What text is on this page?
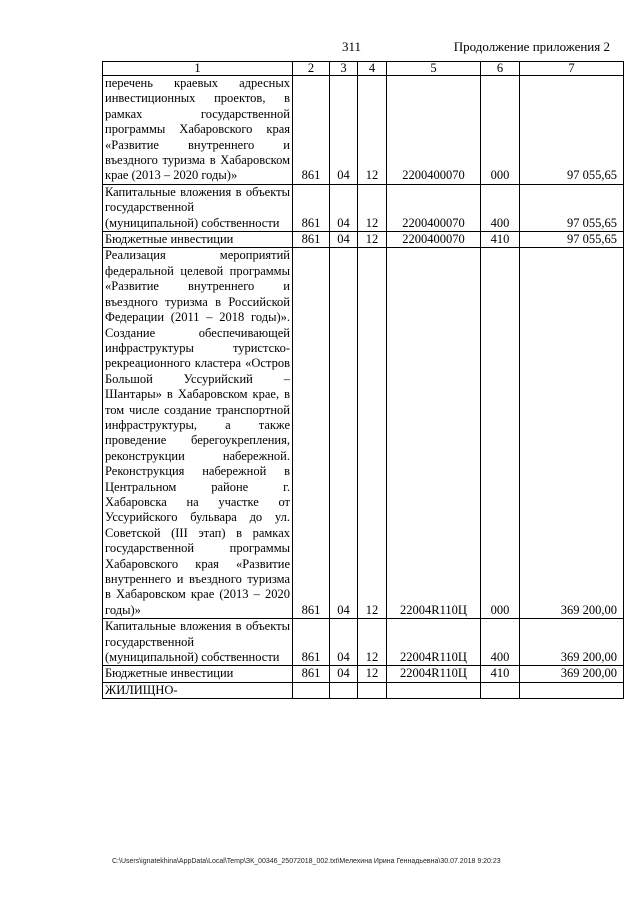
311	Продолжение приложения 2
1	2	3	4	5	6	7
перечень краевых адресных инвестиционных проектов, в рамках государственной программы Хабаровского края «Развитие внутреннего и въездного туризма в Хабаровском крае (2013 – 2020 годы)»	861	04	12	2200400070	000	97 055,65
Капитальные вложения в объекты государственной (муниципальной) собственности	861	04	12	2200400070	400	97 055,65
Бюджетные инвестиции	861	04	12	2200400070	410	97 055,65
Реализация мероприятий федеральной целевой программы «Развитие внутреннего и въездного туризма в Российской Федерации (2011 – 2018 годы)». Создание обеспечивающей инфраструктуры туристско-рекреационного кластера «Остров Большой Уссурийский – Шантары» в Хабаровском крае, в том числе создание транспортной инфраструктуры, а также проведение берегоукрепления, реконструкции набережной. Реконструкция набережной в Центральном районе г. Хабаровска на участке от Уссурийского бульвара до ул. Советской (III этап) в рамках государственной программы Хабаровского края «Развитие внутреннего и въездного туризма в Хабаровском крае (2013 – 2020 годы)»	861	04	12	22004R110Ц	000	369 200,00
Капитальные вложения в объекты государственной (муниципальной) собственности	861	04	12	22004R110Ц	400	369 200,00
Бюджетные инвестиции	861	04	12	22004R110Ц	410	369 200,00
ЖИЛИЩНО-						
C:\Users\ignatekhina\AppData\Local\Temp\ЗК_00346_25072018_002.txt\Мелехина Ирина Геннадьевна\30.07.2018 9:20:23
